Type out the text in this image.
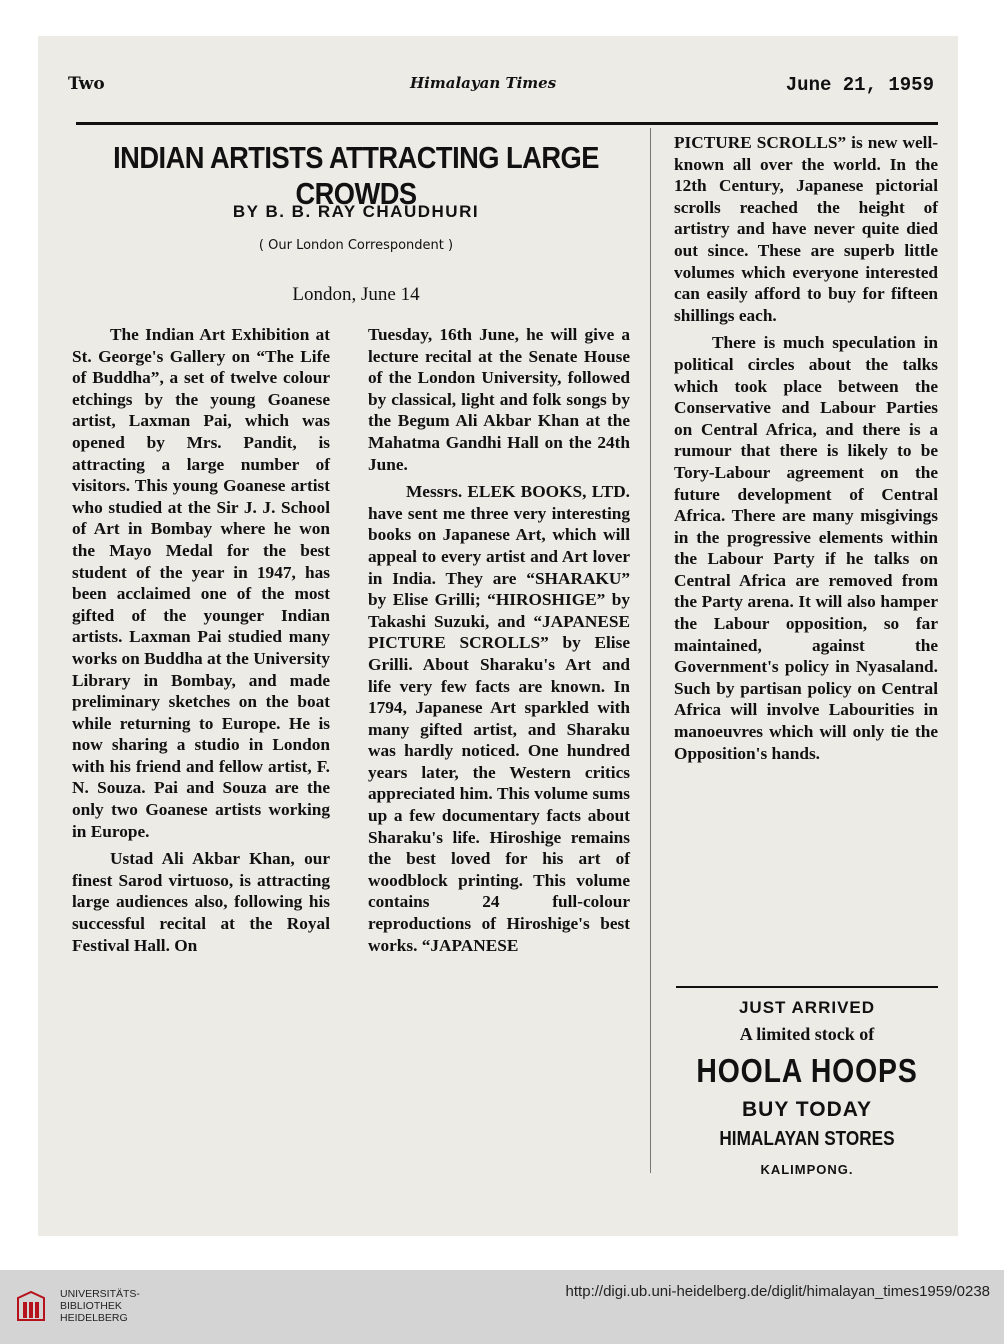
Two	Himalayan Times	June 21, 1959
INDIAN ARTISTS ATTRACTING LARGE CROWDS
BY B. B. RAY CHAUDHURI
( Our London Correspondent )
London, June 14

The Indian Art Exhibition at St. George's Gallery on “The Life of Buddha”, a set of twelve colour etchings by the young Goanese artist, Laxman Pai, which was opened by Mrs. Pandit, is attracting a large number of visitors. This young Goanese artist who studied at the Sir J. J. School of Art in Bombay where he won the Mayo Medal for the best student of the year in 1947, has been acclaimed one of the most gifted of the younger Indian artists. Laxman Pai studied many works on Buddha at the University Library in Bombay, and made preliminary sketches on the boat while returning to Europe. He is now sharing a studio in London with his friend and fellow artist, F. N. Souza. Pai and Souza are the only two Goanese artists working in Europe.

Ustad Ali Akbar Khan, our finest Sarod virtuoso, is attracting large audiences also, following his successful recital at the Royal Festival Hall. On

Tuesday, 16th June, he will give a lecture recital at the Senate House of the London University, followed by classical, light and folk songs by the Begum Ali Akbar Khan at the Mahatma Gandhi Hall on the 24th June.

Messrs. ELEK BOOKS, LTD. have sent me three very interesting books on Japanese Art, which will appeal to every artist and Art lover in India. They are “SHARAKU” by Elise Grilli; “HIROSHIGE” by Takashi Suzuki, and “JAPANESE PICTURE SCROLLS” by Elise Grilli. About Sharaku's Art and life very few facts are known. In 1794, Japanese Art sparkled with many gifted artist, and Sharaku was hardly noticed. One hundred years later, the Western critics appreciated him. This volume sums up a few documentary facts about Sharaku's life. Hiroshige remains the best loved for his art of woodblock printing. This volume contains 24 full-colour reproductions of Hiroshige's best works. “JAPANESE

PICTURE SCROLLS” is new well-known all over the world. In the 12th Century, Japanese pictorial scrolls reached the height of artistry and have never quite died out since. These are superb little volumes which everyone interested can easily afford to buy for fifteen shillings each.

There is much speculation in political circles about the talks which took place between the Conservative and Labour Parties on Central Africa, and there is a rumour that there is likely to be Tory-Labour agreement on the future development of Central Africa. There are many misgivings in the progressive elements within the Labour Party if he talks on Central Africa are removed from the Party arena. It will also hamper the Labour opposition, so far maintained, against the Government's policy in Nyasaland. Such by partisan policy on Central Africa will involve Labourities in manoeuvres which will only tie the Opposition's hands.

JUST ARRIVED
A limited stock of
HOOLA HOOPS
BUY TODAY
HIMALAYAN STORES
KALIMPONG.
UNIVERSITÄTS-
BIBLIOTHEK
HEIDELBERG
http://digi.ub.uni-heidelberg.de/diglit/himalayan_times1959/0238
